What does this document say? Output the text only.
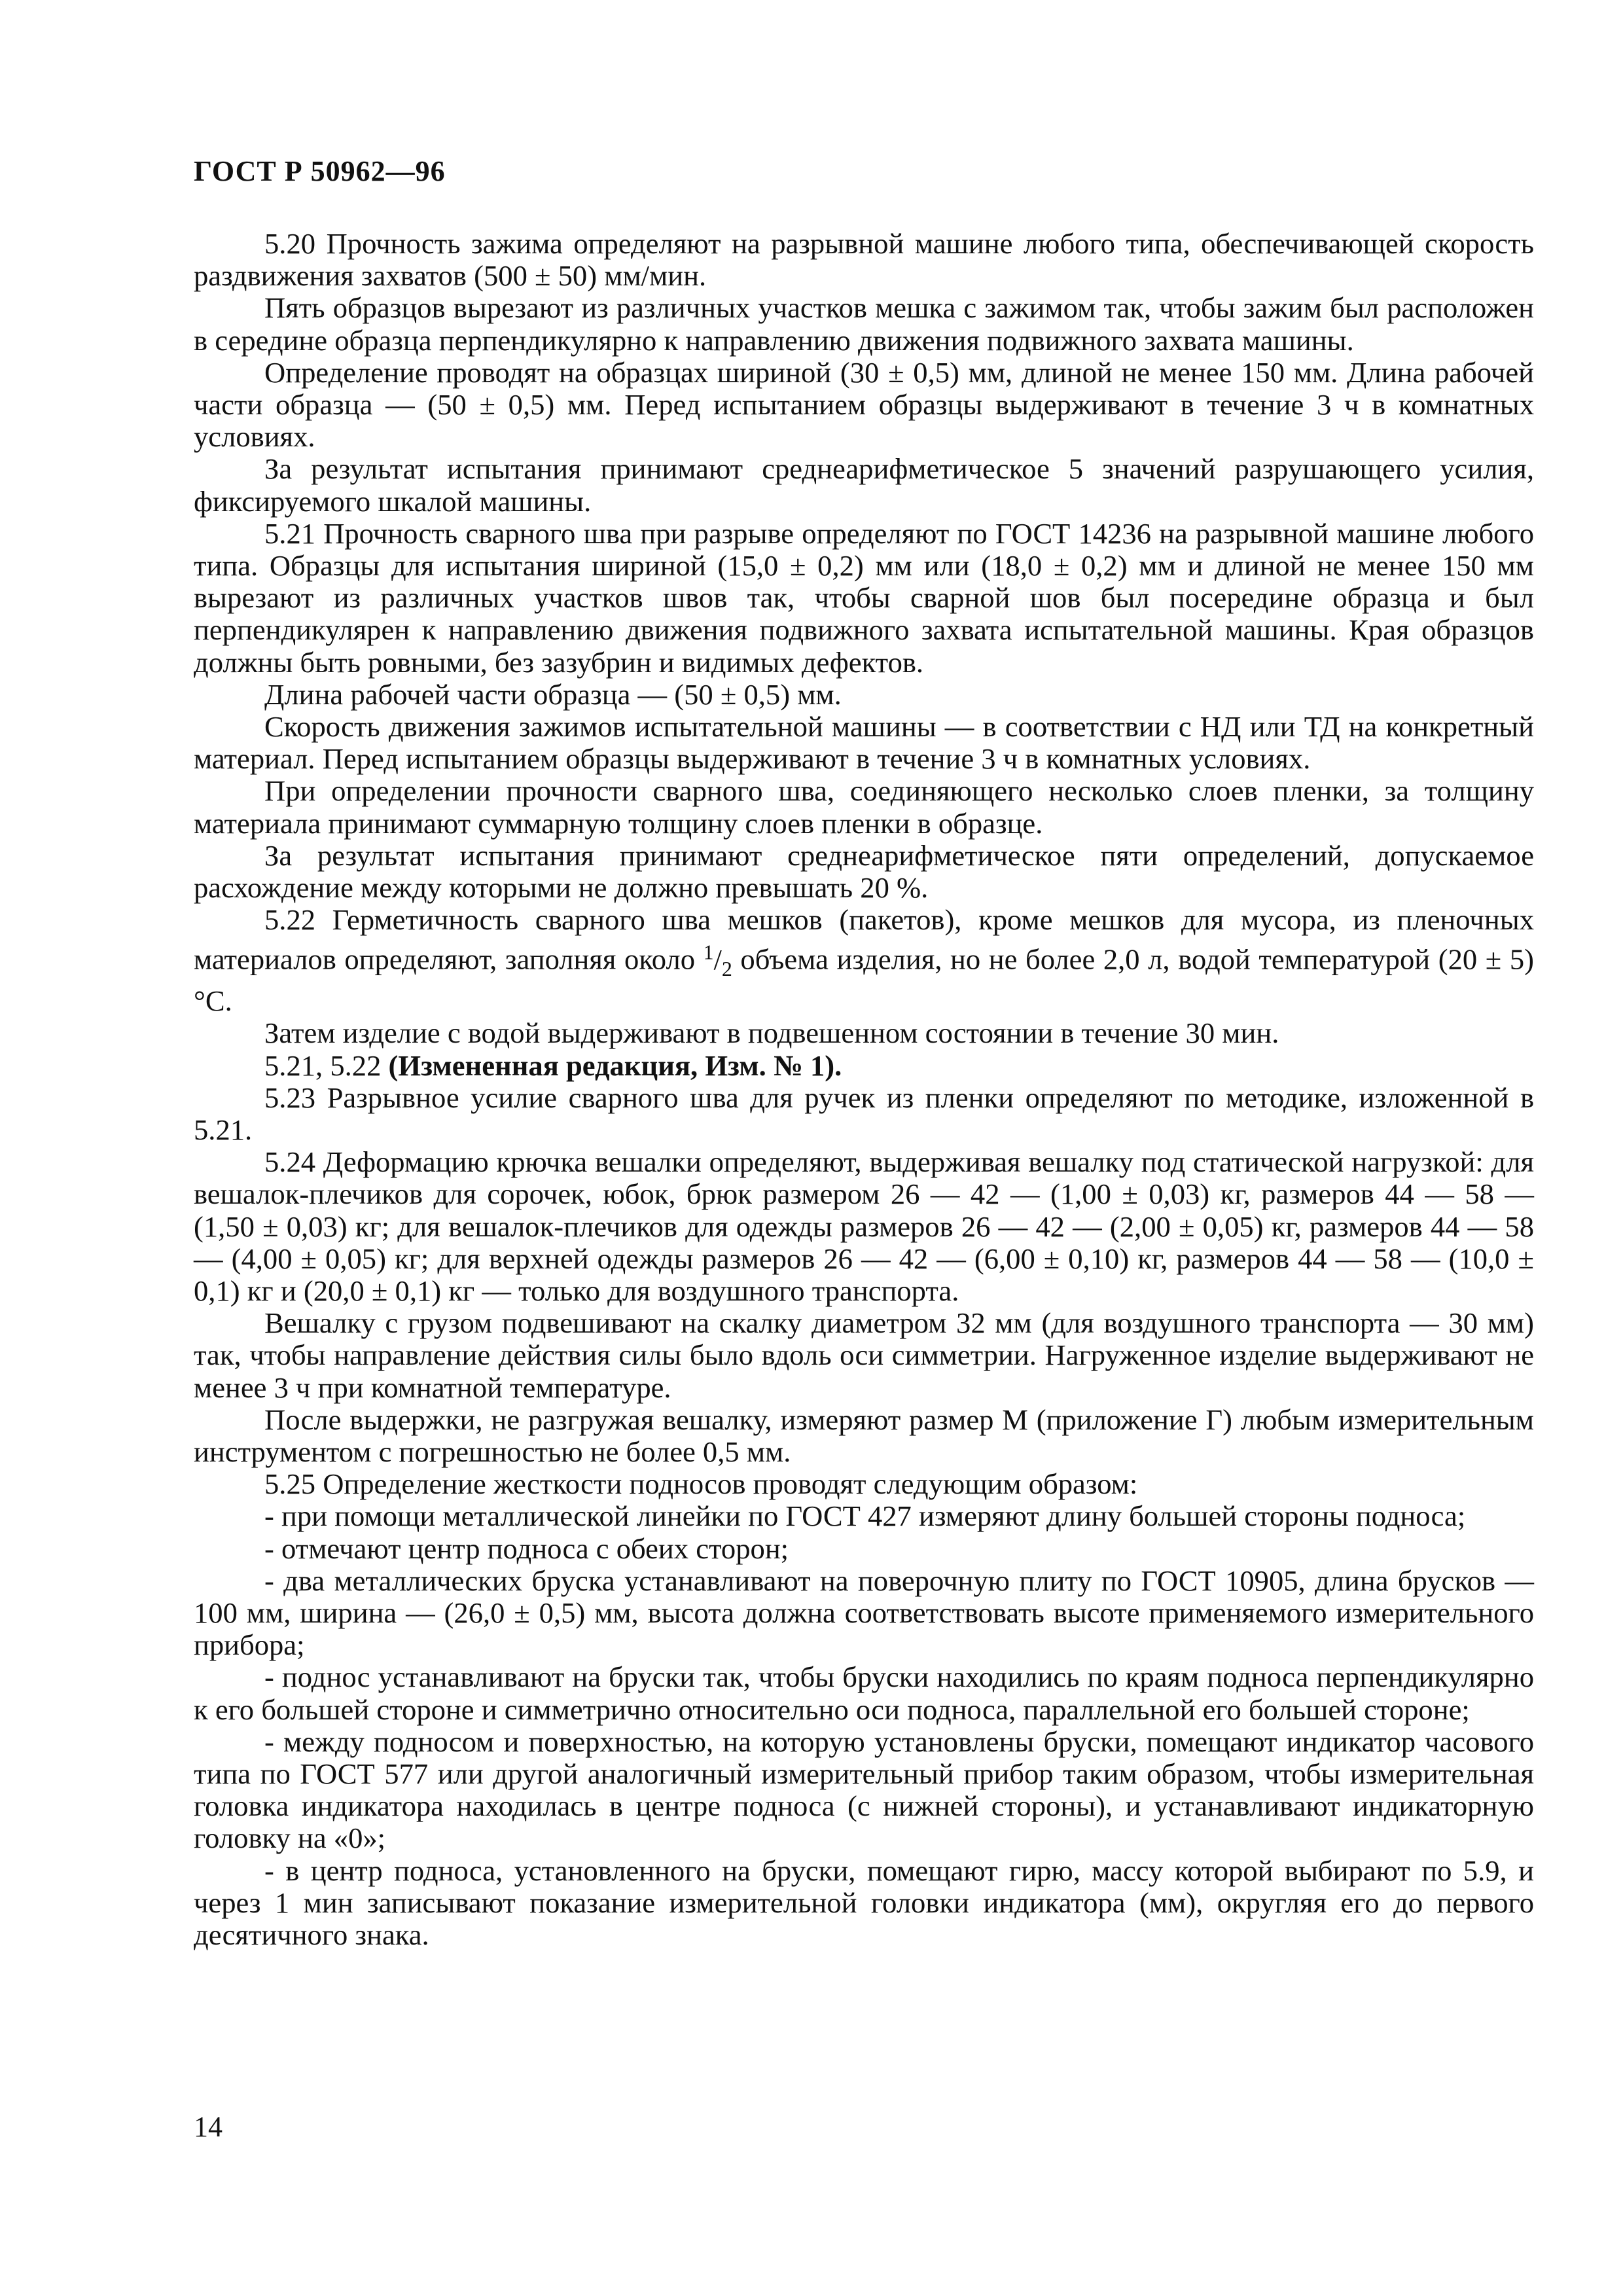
ГОСТ Р 50962—96

5.20 Прочность зажима определяют на разрывной машине любого типа, обеспечивающей скорость раздвижения захватов (500 ± 50) мм/мин.

Пять образцов вырезают из различных участков мешка с зажимом так, чтобы зажим был расположен в середине образца перпендикулярно к направлению движения подвижного захвата машины.

Определение проводят на образцах шириной (30 ± 0,5) мм, длиной не менее 150 мм. Длина рабочей части образца — (50 ± 0,5) мм. Перед испытанием образцы выдерживают в течение 3 ч в комнатных условиях.

За результат испытания принимают среднеарифметическое 5 значений разрушающего усилия, фиксируемого шкалой машины.

5.21 Прочность сварного шва при разрыве определяют по ГОСТ 14236 на разрывной машине любого типа. Образцы для испытания шириной (15,0 ± 0,2) мм или (18,0 ± 0,2) мм и длиной не менее 150 мм вырезают из различных участков швов так, чтобы сварной шов был посередине образца и был перпендикулярен к направлению движения подвижного захвата испытательной машины. Края образцов должны быть ровными, без зазубрин и видимых дефектов.

Длина рабочей части образца — (50 ± 0,5) мм.

Скорость движения зажимов испытательной машины — в соответствии с НД или ТД на конкретный материал. Перед испытанием образцы выдерживают в течение 3 ч в комнатных условиях.

При определении прочности сварного шва, соединяющего несколько слоев пленки, за толщину материала принимают суммарную толщину слоев пленки в образце.

За результат испытания принимают среднеарифметическое пяти определений, допускаемое расхождение между которыми не должно превышать 20 %.

5.22 Герметичность сварного шва мешков (пакетов), кроме мешков для мусора, из пленочных материалов определяют, заполняя около $^1/_2$ объема изделия, но не более 2,0 л, водой температурой (20 ± 5) °C.

Затем изделие с водой выдерживают в подвешенном состоянии в течение 30 мин.

5.21, 5.22 (Измененная редакция, Изм. № 1).

5.23 Разрывное усилие сварного шва для ручек из пленки определяют по методике, изложенной в 5.21.

5.24 Деформацию крючка вешалки определяют, выдерживая вешалку под статической нагрузкой: для вешалок-плечиков для сорочек, юбок, брюк размером 26 — 42 — (1,00 ± 0,03) кг, размеров 44 — 58 — (1,50 ± 0,03) кг; для вешалок-плечиков для одежды размеров 26 — 42 — (2,00 ± 0,05) кг, размеров 44 — 58 — (4,00 ± 0,05) кг; для верхней одежды размеров 26 — 42 — (6,00 ± 0,10) кг, размеров 44 — 58 — (10,0 ± 0,1) кг и (20,0 ± 0,1) кг — только для воздушного транспорта.

Вешалку с грузом подвешивают на скалку диаметром 32 мм (для воздушного транспорта — 30 мм) так, чтобы направление действия силы было вдоль оси симметрии. Нагруженное изделие выдерживают не менее 3 ч при комнатной температуре.

После выдержки, не разгружая вешалку, измеряют размер М (приложение Г) любым измерительным инструментом с погрешностью не более 0,5 мм.

5.25 Определение жесткости подносов проводят следующим образом:

- при помощи металлической линейки по ГОСТ 427 измеряют длину большей стороны подноса;

- отмечают центр подноса с обеих сторон;

- два металлических бруска устанавливают на поверочную плиту по ГОСТ 10905, длина брусков — 100 мм, ширина — (26,0 ± 0,5) мм, высота должна соответствовать высоте применяемого измерительного прибора;

- поднос устанавливают на бруски так, чтобы бруски находились по краям подноса перпендикулярно к его большей стороне и симметрично относительно оси подноса, параллельной его большей стороне;

- между подносом и поверхностью, на которую установлены бруски, помещают индикатор часового типа по ГОСТ 577 или другой аналогичный измерительный прибор таким образом, чтобы измерительная головка индикатора находилась в центре подноса (с нижней стороны), и устанавливают индикаторную головку на «0»;

- в центр подноса, установленного на бруски, помещают гирю, массу которой выбирают по 5.9, и через 1 мин записывают показание измерительной головки индикатора (мм), округляя его до первого десятичного знака.

14
